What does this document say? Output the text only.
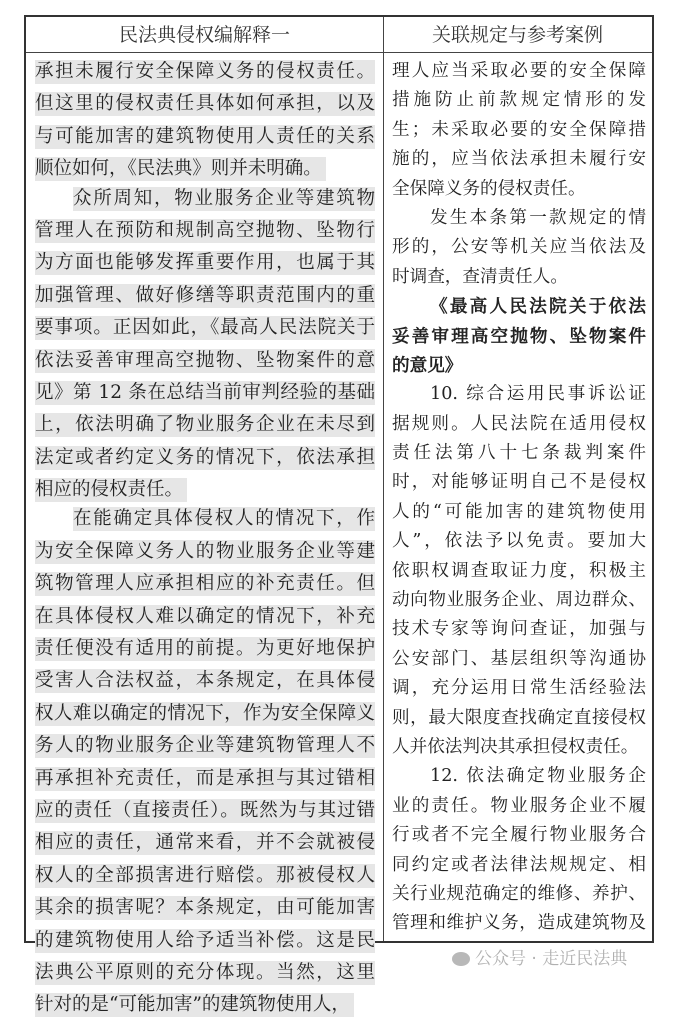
民法典侵权编解释一	关联规定与参考案例
承担未履行安全保障义务的侵权责任。
但这里的侵权责任具体如何承担，以及
与可能加害的建筑物使用人责任的关系
顺位如何，《民法典》则并未明确。
众所周知，物业服务企业等建筑物
管理人在预防和规制高空抛物、坠物行
为方面也能够发挥重要作用，也属于其
加强管理、做好修缮等职责范围内的重
要事项。正因如此，《最高人民法院关于
依法妥善审理高空抛物、坠物案件的意
见》第 12 条在总结当前审判经验的基础
上，依法明确了物业服务企业在未尽到
法定或者约定义务的情况下，依法承担
相应的侵权责任。
在能确定具体侵权人的情况下，作
为安全保障义务人的物业服务企业等建
筑物管理人应承担相应的补充责任。但
在具体侵权人难以确定的情况下，补充
责任便没有适用的前提。为更好地保护
受害人合法权益，本条规定，在具体侵
权人难以确定的情况下，作为安全保障义
务人的物业服务企业等建筑物管理人不
再承担补充责任，而是承担与其过错相
应的责任（直接责任）。既然为与其过错
相应的责任，通常来看，并不会就被侵
权人的全部损害进行赔偿。那被侵权人
其余的损害呢？本条规定，由可能加害
的建筑物使用人给予适当补偿。这是民
法典公平原则的充分体现。当然，这里
针对的是“可能加害”的建筑物使用人，
理人应当采取必要的安全保障
措施防止前款规定情形的发
生；未采取必要的安全保障措
施的，应当依法承担未履行安
全保障义务的侵权责任。
发生本条第一款规定的情
形的，公安等机关应当依法及
时调查，查清责任人。
《最高人民法院关于依法
妥善审理高空抛物、坠物案件
的意见》
10. 综合运用民事诉讼证
据规则。人民法院在适用侵权
责任法第八十七条裁判案件
时，对能够证明自己不是侵权
人的“可能加害的建筑物使用
人”，依法予以免责。要加大
依职权调查取证力度，积极主
动向物业服务企业、周边群众、
技术专家等询问查证，加强与
公安部门、基层组织等沟通协
调，充分运用日常生活经验法
则，最大限度查找确定直接侵权
人并依法判决其承担侵权责任。
12. 依法确定物业服务企
业的责任。物业服务企业不履
行或者不完全履行物业服务合
同约定或者法律法规规定、相
关行业规范确定的维修、养护、
管理和维护义务，造成建筑物及
公众号 · 走近民法典
